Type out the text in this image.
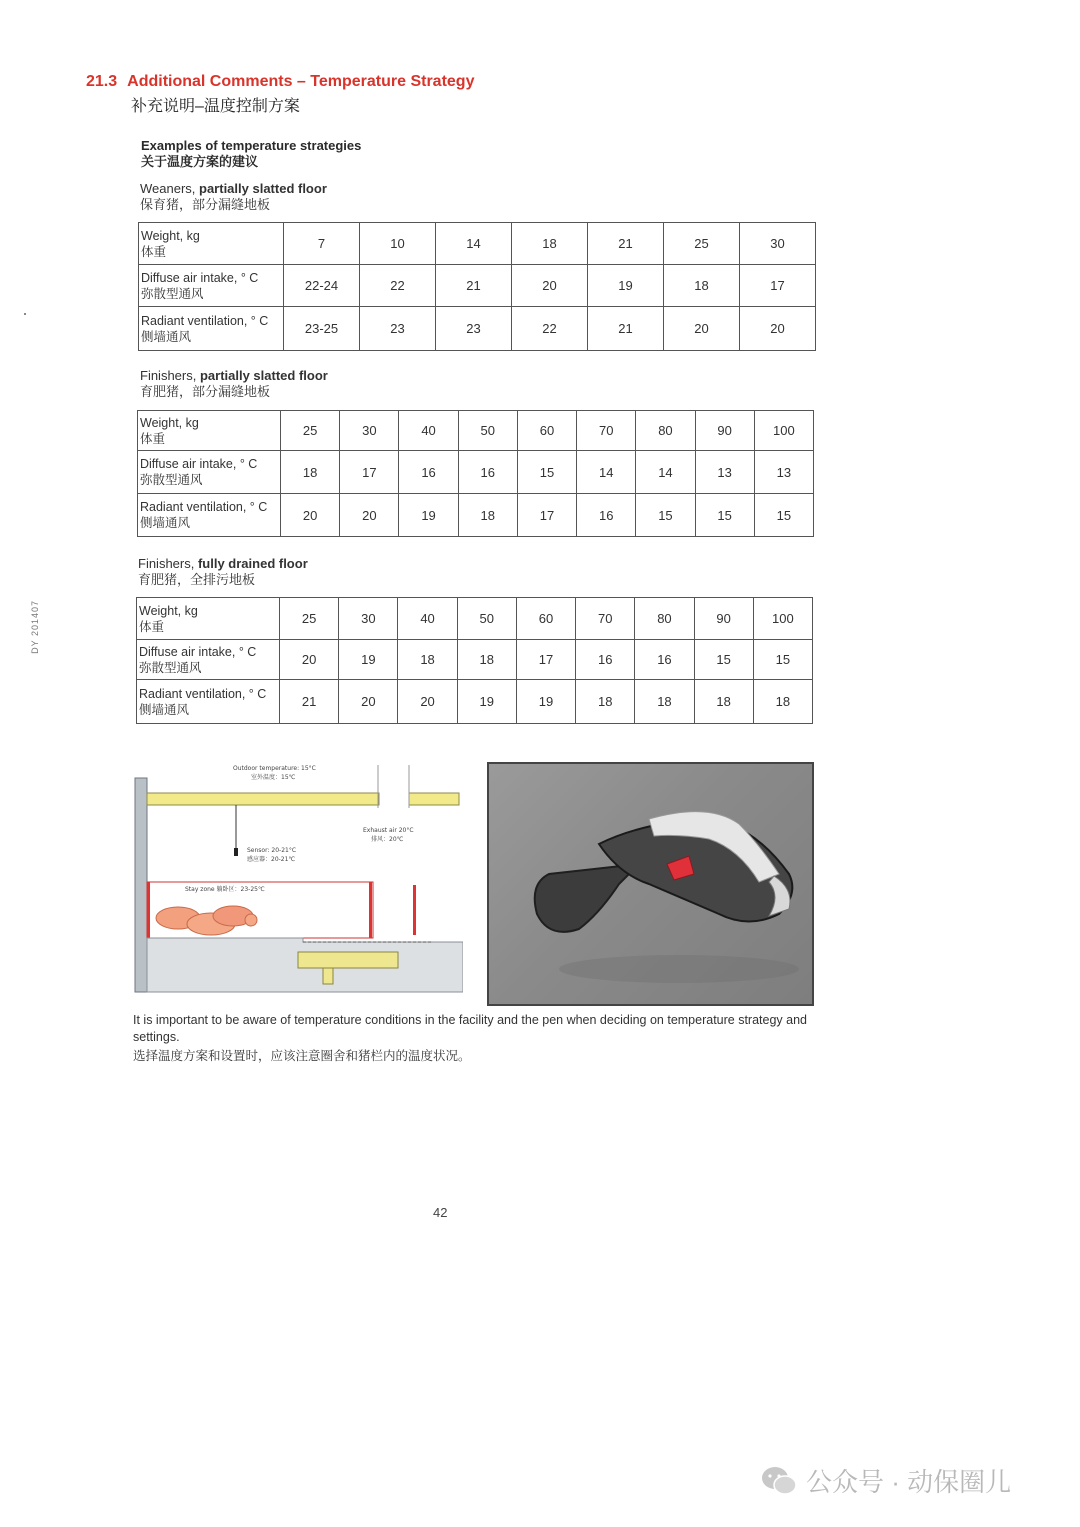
DY 201407
21.3 Additional Comments – Temperature Strategy
补充说明–温度控制方案
Examples of temperature strategies
关于温度方案的建议
Weaners, partially slatted floor
保育猪，部分漏缝地板
Weight, kg
体重	7	10	14	18	21	25	30

Diffuse air intake, ° C
弥散型通风	22-24	22	21	20	19	18	17

Radiant ventilation, ° C
侧墙通风	23-25	23	23	22	21	20	20
Finishers, partially slatted floor
育肥猪，部分漏缝地板
Weight, kg
体重	25	30	40	50	60	70	80	90	100

Diffuse air intake, ° C
弥散型通风	18	17	16	16	15	14	14	13	13

Radiant ventilation, ° C
侧墙通风	20	20	19	18	17	16	15	15	15
Finishers, fully drained floor
育肥猪，全排污地板
Weight, kg
体重	25	30	40	50	60	70	80	90	100

Diffuse air intake, ° C
弥散型通风	20	19	18	18	17	16	16	15	15

Radiant ventilation, ° C
侧墙通风	21	20	20	19	19	18	18	18	18
Outdoor temperature: 15°C
室外温度：15℃
Exhaust air 20°C
排风：20℃
Sensor: 20-21°C
感应器：20-21℃
Stay zone 躺卧区：23-25℃
It is important to be aware of temperature conditions in the facility and the pen when deciding on temperature strategy and settings.
选择温度方案和设置时，应该注意圈舍和猪栏内的温度状况。
42
公众号 · 动保圈儿
